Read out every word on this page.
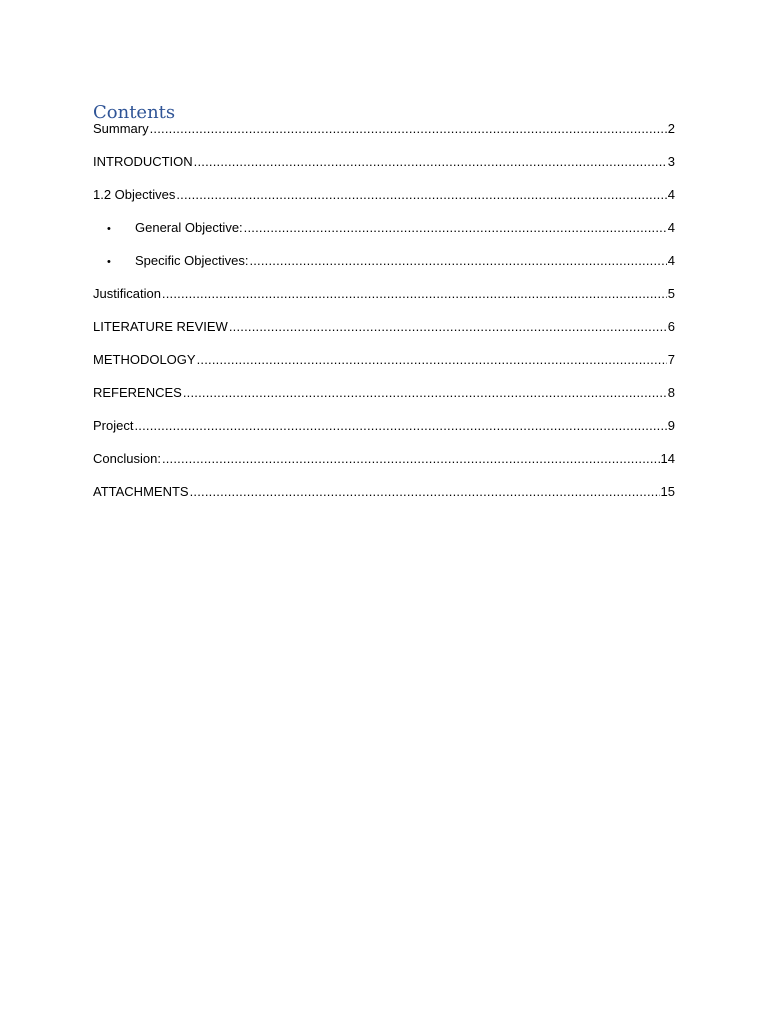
Contents
Summary .....	2
INTRODUCTION .....	3
1.2 Objectives .....	4
•	General Objective: .....	4
•	Specific Objectives: .....	4
Justification .....	5
LITERATURE REVIEW .....	6
METHODOLOGY .....	7
REFERENCES .....	8
Project .....	9
Conclusion: .....	14
ATTACHMENTS .....	15
